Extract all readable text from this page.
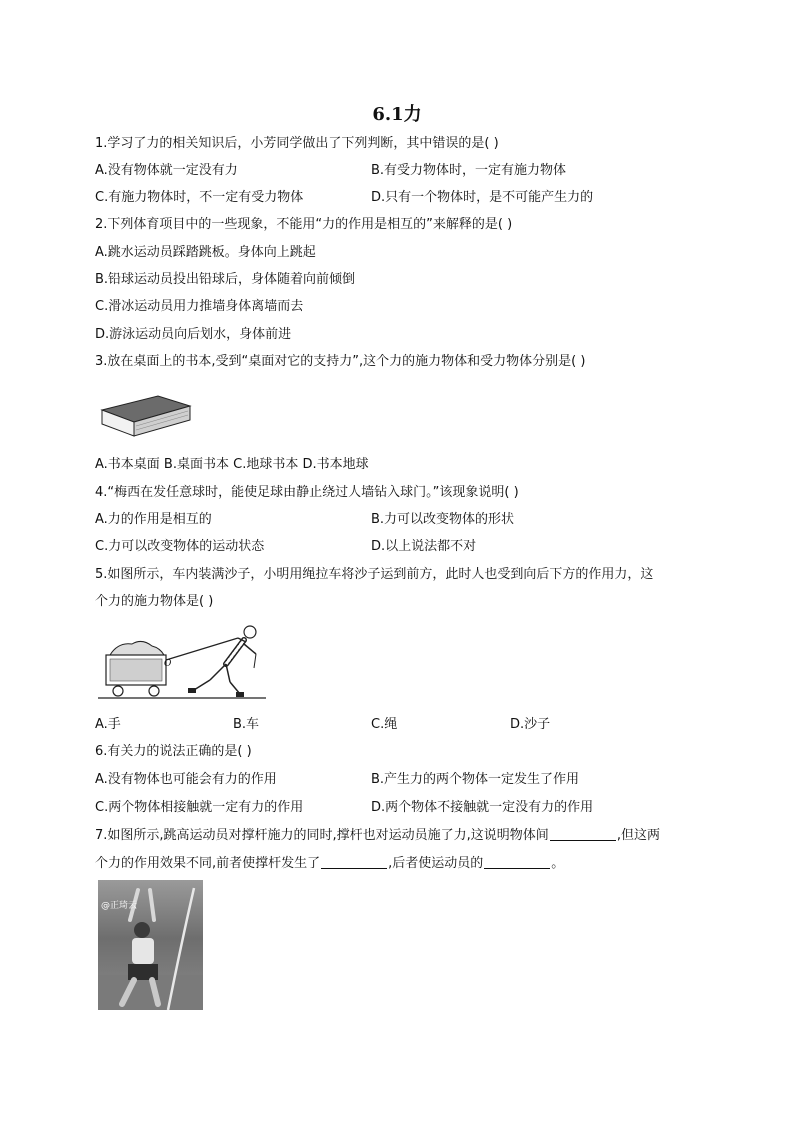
6.1力
1.学习了力的相关知识后，小芳同学做出了下列判断，其中错误的是( )
A.没有物体就一定没有力	B.有受力物体时，一定有施力物体
C.有施力物体时，不一定有受力物体	D.只有一个物体时，是不可能产生力的
2.下列体育项目中的一些现象，不能用“力的作用是相互的”来解释的是( )
A.跳水运动员踩踏跳板。身体向上跳起
B.铅球运动员投出铅球后，身体随着向前倾倒
C.滑冰运动员用力推墙身体离墙而去
D.游泳运动员向后划水，身体前进
3.放在桌面上的书本,受到“桌面对它的支持力”,这个力的施力物体和受力物体分别是( )
A.书本桌面 B.桌面书本 C.地球书本 D.书本地球
4.“梅西在发任意球时，能使足球由静止绕过人墙钻入球门。”该现象说明( )
A.力的作用是相互的	B.力可以改变物体的形状
C.力可以改变物体的运动状态	D.以上说法都不对
5.如图所示，车内装满沙子，小明用绳拉车将沙子运到前方，此时人也受到向后下方的作用力，这
个力的施力物体是( )
O
A.手	B.车	C.绳	D.沙子
6.有关力的说法正确的是( )
A.没有物体也可能会有力的作用	B.产生力的两个物体一定发生了作用
C.两个物体相接触就一定有力的作用	D.两个物体不接触就一定没有力的作用
7.如图所示,跳高运动员对撑杆施力的同时,撑杆也对运动员施了力,这说明物体间	,但这两
个力的作用效果不同,前者使撑杆发生了	,后者使运动员的	。
@正琦云
